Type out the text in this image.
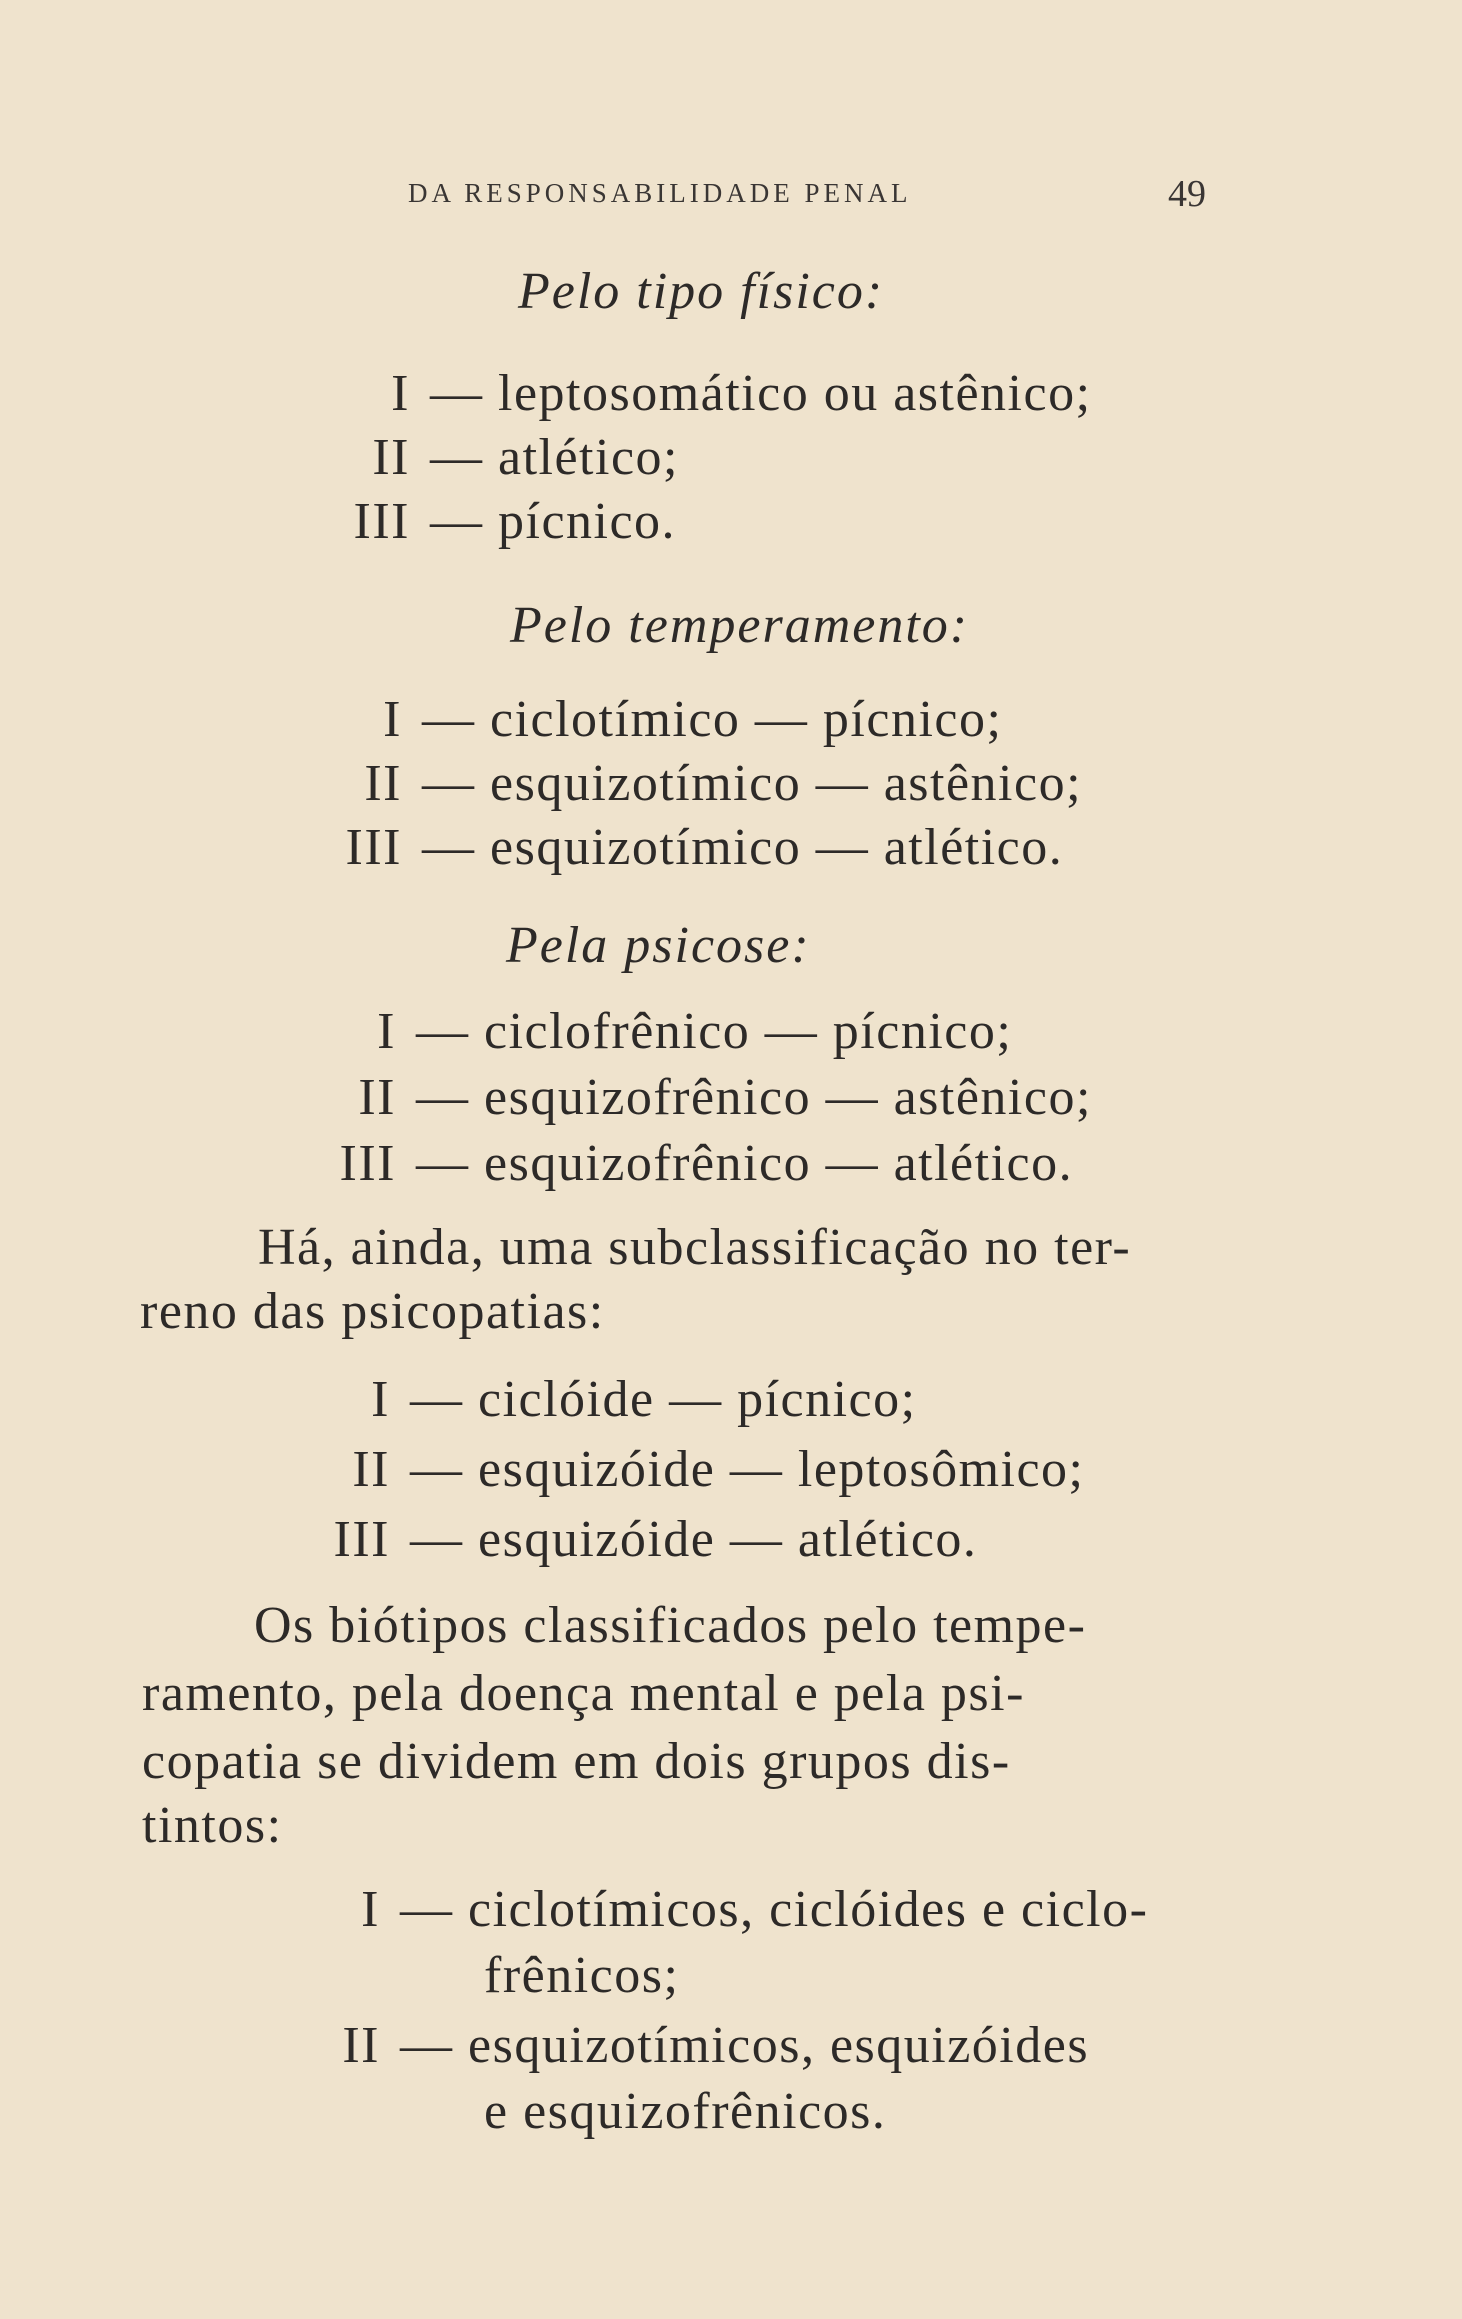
DA RESPONSABILIDADE PENAL	49
Pelo tipo físico:
I — leptosomático ou astênico;
II — atlético;
III — pícnico.
Pelo temperamento:
I — ciclotímico — pícnico;
II — esquizotímico — astênico;
III — esquizotímico — atlético.
Pela psicose:
I — ciclofrênico — pícnico;
II — esquizofrênico — astênico;
III — esquizofrênico — atlético.
Há, ainda, uma subclassificação no ter-
reno das psicopatias:
I — ciclóide — pícnico;
II — esquizóide — leptosômico;
III — esquizóide — atlético.
Os biótipos classificados pelo tempe-
ramento, pela doença mental e pela psi-
copatia se dividem em dois grupos dis-
tintos:
I — ciclotímicos, ciclóides e ciclo-
frênicos;
II — esquizotímicos, esquizóides
e esquizofrênicos.
